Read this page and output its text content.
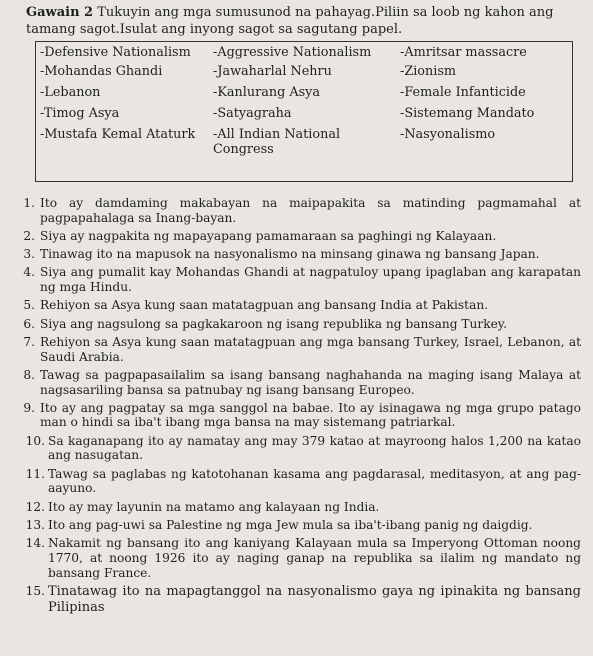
Gawain 2 Tukuyin ang mga sumusunod na pahayag.Piliin sa loob ng kahon ang tamang sagot.Isulat ang inyong sagot sa sagutang papel.

-Defensive Nationalism
-Mohandas Ghandi
-Lebanon
-Timog Asya
-Mustafa Kemal Ataturk
-Aggressive Nationalism
-Jawaharlal Nehru
-Kanlurang Asya
-Satyagraha
-All Indian National Congress
-Amritsar massacre
-Zionism
-Female Infanticide
-Sistemang Mandato
-Nasyonalismo
1. Ito ay damdaming makabayan na maipapakita sa matinding pagmamahal at pagpapahalaga sa Inang-bayan.
2. Siya ay nagpakita ng mapayapang pamamaraan sa paghingi ng Kalayaan.
3. Tinawag ito na mapusok na nasyonalismo na minsang ginawa ng bansang Japan.
4. Siya ang pumalit kay Mohandas Ghandi at nagpatuloy upang ipaglaban ang karapatan ng mga Hindu.
5. Rehiyon sa Asya kung saan matatagpuan ang bansang India at Pakistan.
6. Siya ang nagsulong sa pagkakaroon ng isang republika ng bansang Turkey.
7. Rehiyon sa Asya kung saan matatagpuan ang mga bansang Turkey, Israel, Lebanon, at Saudi Arabia.
8. Tawag sa pagpapasailalim sa isang bansang naghahanda na maging isang Malaya at nagsasariling bansa sa patnubay ng isang bansang Europeo.
9. Ito ay ang pagpatay sa mga sanggol na babae. Ito ay isinagawa ng mga grupo patago man o hindi sa iba't ibang mga bansa na may sistemang patriarkal.
10. Sa kaganapang ito ay namatay ang may 379 katao at mayroong halos 1,200 na katao ang nasugatan.
11. Tawag sa paglabas ng katotohanan kasama ang pagdarasal, meditasyon, at ang pag-aayuno.
12. Ito ay may layunin na matamo ang kalayaan ng India.
13. Ito ang pag-uwi sa Palestine ng mga Jew mula sa iba't-ibang panig ng daigdig.
14. Nakamit ng bansang ito ang kaniyang Kalayaan mula sa Imperyong Ottoman noong 1770, at noong 1926 ito ay naging ganap na republika sa ilalim ng mandato ng bansang France.
15. Tinatawag ito na mapagtanggol na nasyonalismo gaya ng ipinakita ng bansang Pilipinas
